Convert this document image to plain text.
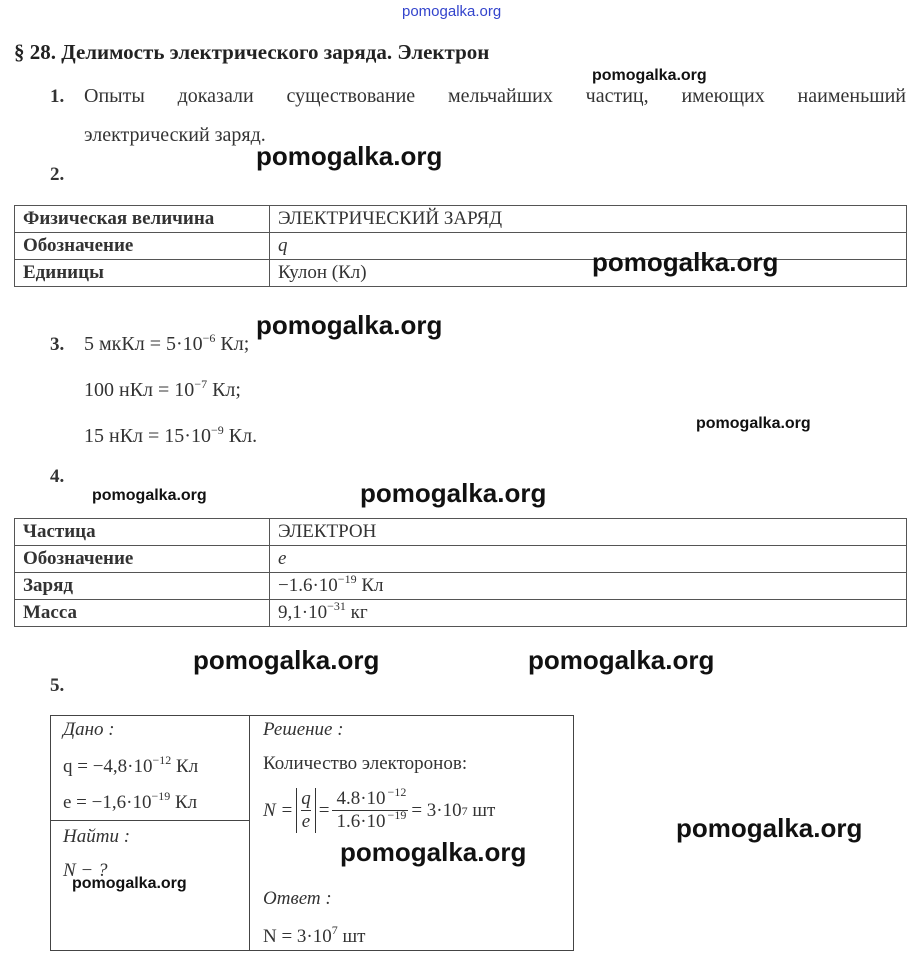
pomogalka.org
§ 28. Делимость электрического заряда. Электрон
1. Опыты доказали существование мельчайших частиц, имеющих наименьший
электрический заряд.
2.
Физическая величина	ЭЛЕКТРИЧЕСКИЙ ЗАРЯД
Обозначение	q
Единицы	Кулон (Кл)
3. 5 мкКл = $5\cdot 10^{-6}$ Кл;
100 нКл = $10^{-7}$ Кл;
15 нКл = $15\cdot 10^{-9}$ Кл.
4.
Частица	ЭЛЕКТРОН
Обозначение	e
Заряд	$-1.6\cdot 10^{-19}$ Кл
Масса	$9,1\cdot 10^{-31}$ кг
5.
Дано :
$q = -4,8\cdot 10^{-12}$ Кл
$e = -1,6\cdot 10^{-19}$ Кл
Найти :
N − ?
Решение :
Количество электоронов:
$N = \frac{q}{e} = \frac{4.8\cdot 10 ^{-12}}{1.6\cdot 10 ^{-19}} = 3\cdot 10$ 7 шт
Ответ :
$N = 3\cdot 10^7$ шт
pomogalka.org
pomogalka.org
pomogalka.org
pomogalka.org
pomogalka.org
pomogalka.org	pomogalka.org
pomogalka.org	pomogalka.org
pomogalka.org
pomogalka.org
pomogalka.org
